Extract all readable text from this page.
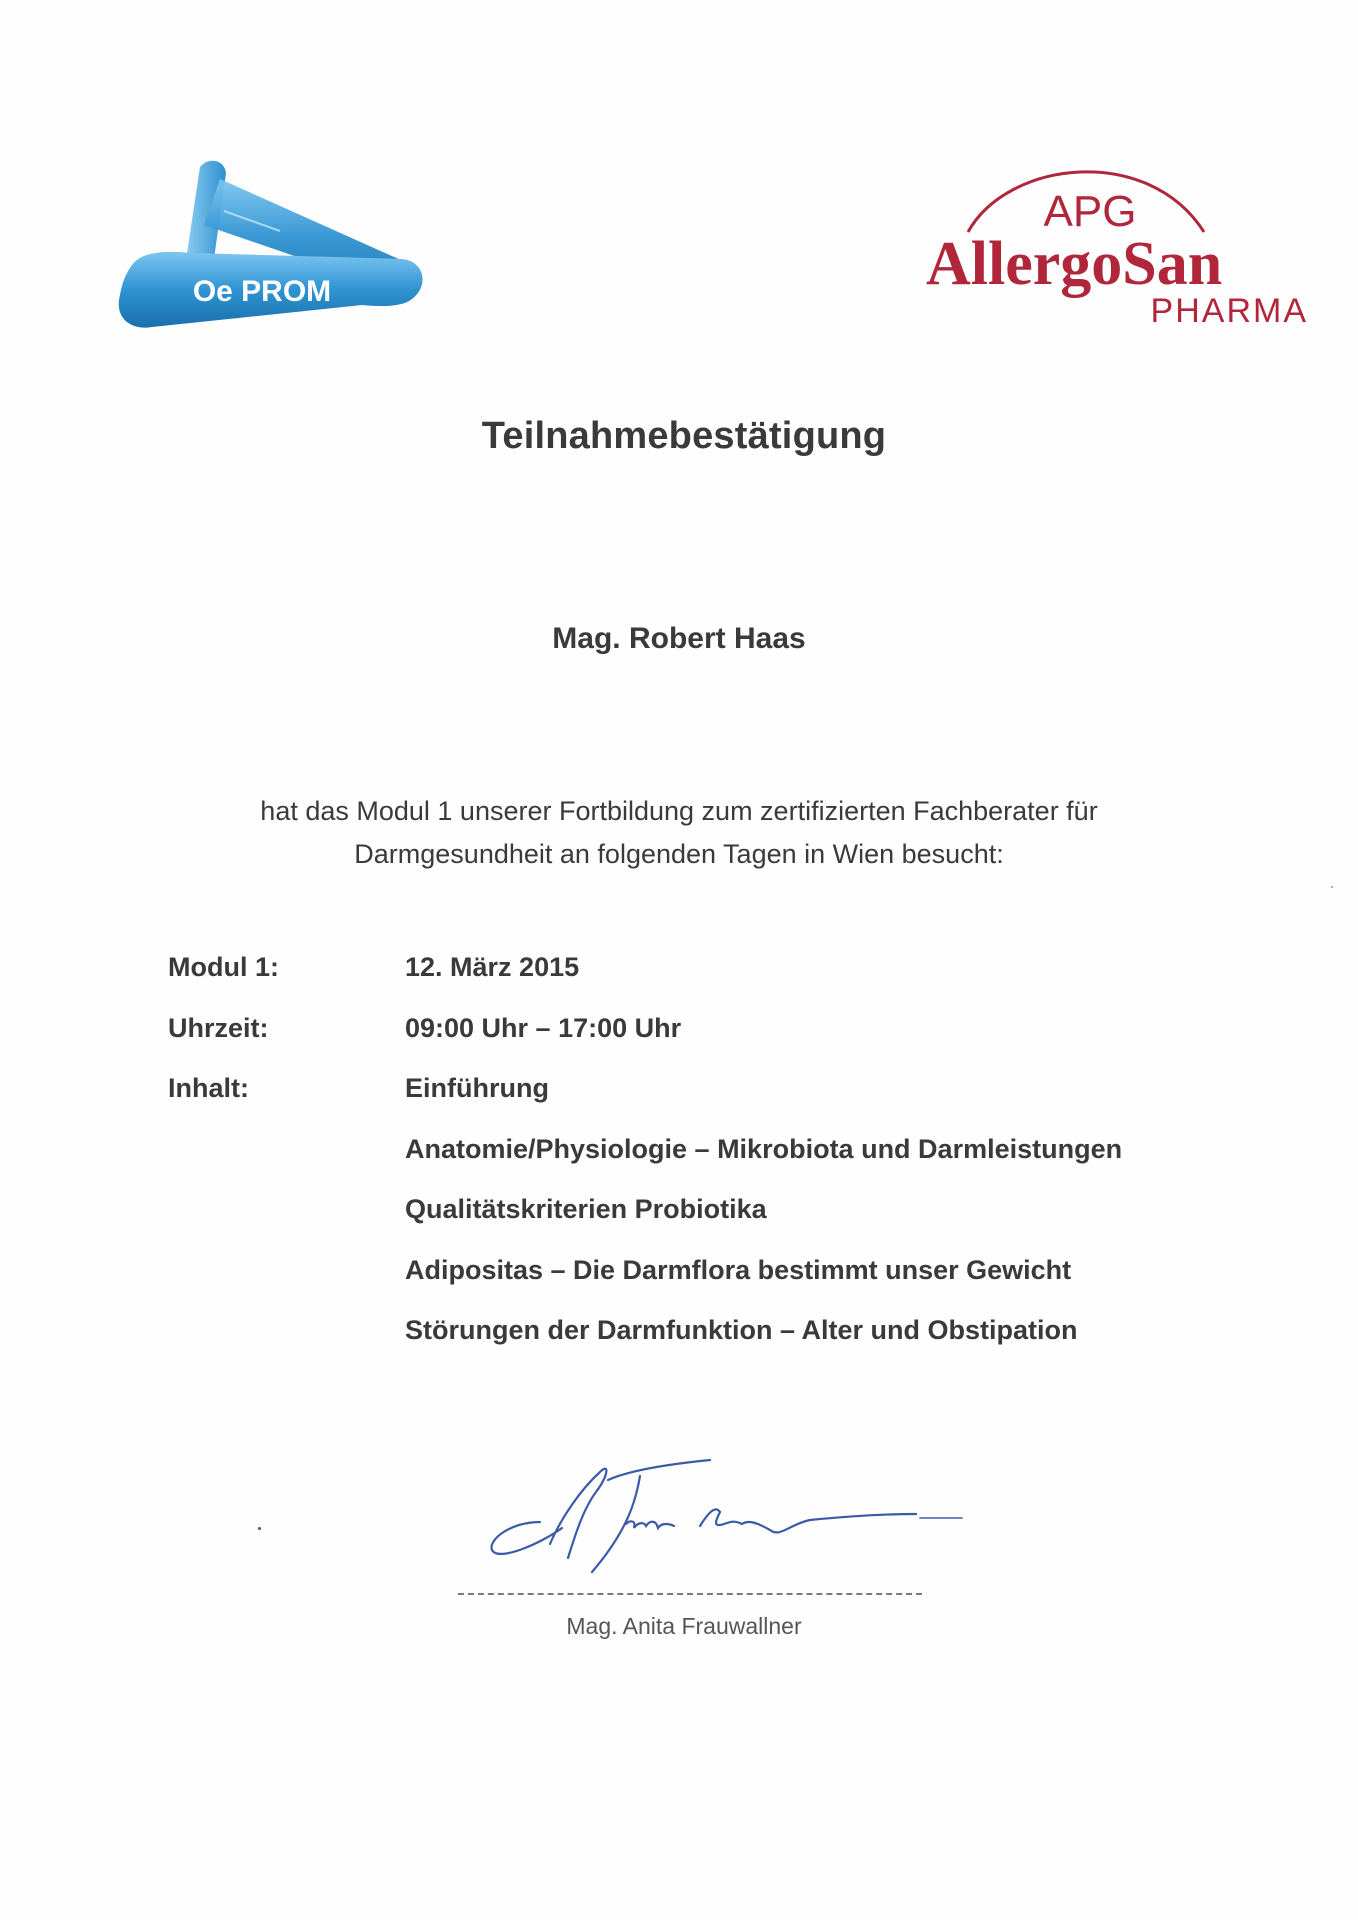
Oe PROM
APG
AllergoSan
PHARMA
Teilnahmebestätigung
Mag. Robert Haas
hat das Modul 1 unserer Fortbildung zum zertifizierten Fachberater für
Darmgesundheit an folgenden Tagen in Wien besucht:
Modul 1:	12. März 2015
Uhrzeit:	09:00 Uhr – 17:00 Uhr
Inhalt:	Einführung
Anatomie/Physiologie – Mikrobiota und Darmleistungen
Qualitätskriterien Probiotika
Adipositas – Die Darmflora bestimmt unser Gewicht
Störungen der Darmfunktion – Alter und Obstipation
Mag. Anita Frauwallner
